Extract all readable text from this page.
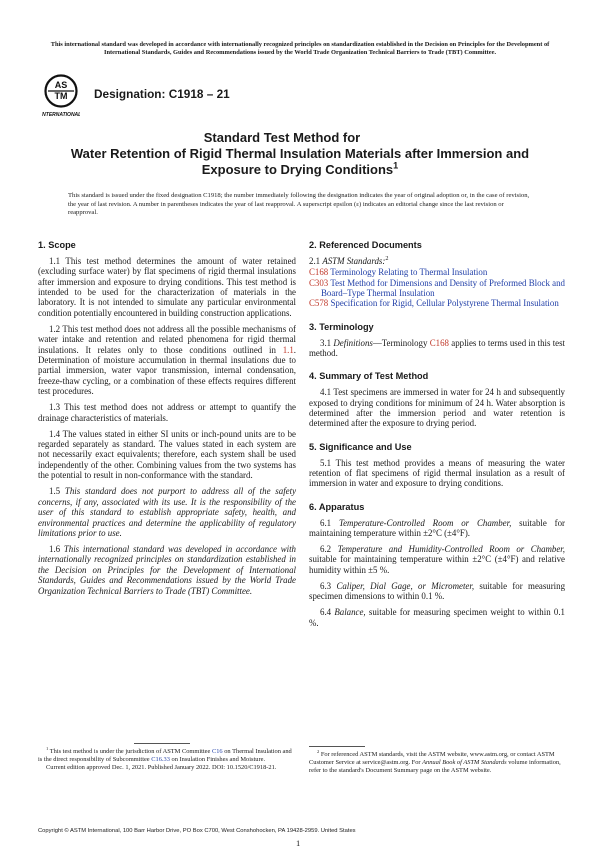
This international standard was developed in accordance with internationally recognized principles on standardization established in the Decision on Principles for the Development of International Standards, Guides and Recommendations issued by the World Trade Organization Technical Barriers to Trade (TBT) Committee.
AS
TM
INTERNATIONAL
Designation: C1918 – 21
Standard Test Method for
Water Retention of Rigid Thermal Insulation Materials after Immersion and Exposure to Drying Conditions$^1$
This standard is issued under the fixed designation C1918; the number immediately following the designation indicates the year of original adoption or, in the case of revision, the year of last revision. A number in parentheses indicates the year of last reapproval. A superscript epsilon (ε) indicates an editorial change since the last revision or reapproval.
1. Scope

1.1 This test method determines the amount of water retained (excluding surface water) by flat specimens of rigid thermal insulations after immersion and exposure to drying conditions. This test method is intended to be used for the characterization of materials in the laboratory. It is not intended to simulate any particular environmental condition potentially encountered in building construction applications.

1.2 This test method does not address all the possible mechanisms of water intake and retention and related phenomena for rigid thermal insulations. It relates only to those conditions outlined in 1.1. Determination of moisture accumulation in thermal insulations due to partial immersion, water vapor transmission, internal condensation, freeze-thaw cycling, or a combination of these effects requires different test procedures.

1.3 This test method does not address or attempt to quantify the drainage characteristics of materials.

1.4 The values stated in either SI units or inch-pound units are to be regarded separately as standard. The values stated in each system are not necessarily exact equivalents; therefore, each system shall be used independently of the other. Combining values from the two systems has the potential to result in non-conformance with the standard.

1.5 This standard does not purport to address all of the safety concerns, if any, associated with its use. It is the responsibility of the user of this standard to establish appropriate safety, health, and environmental practices and determine the applicability of regulatory limitations prior to use.

1.6 This international standard was developed in accordance with internationally recognized principles on standardization established in the Decision on Principles for the Development of International Standards, Guides and Recommendations issued by the World Trade Organization Technical Barriers to Trade (TBT) Committee.

$^1$ This test method is under the jurisdiction of ASTM Committee C16 on Thermal Insulation and is the direct responsibility of Subcommittee C16.33 on Insulation Finishes and Moisture.

Current edition approved Dec. 1, 2021. Published January 2022. DOI: 10.1520/C1918-21.

2. Referenced Documents
2.1 ASTM Standards:$^2$
C168 Terminology Relating to Thermal Insulation
C303 Test Method for Dimensions and Density of Preformed Block and Board–Type Thermal Insulation
C578 Specification for Rigid, Cellular Polystyrene Thermal Insulation
3. Terminology

3.1 Definitions—Terminology C168 applies to terms used in this test method.

4. Summary of Test Method

4.1 Test specimens are immersed in water for 24 h and subsequently exposed to drying conditions for minimum of 24 h. Water absorption is determined after the immersion period and water retention is determined after the exposure to drying period.

5. Significance and Use

5.1 This test method provides a means of measuring the water retention of flat specimens of rigid thermal insulation as a result of immersion in water and exposure to drying conditions.

6. Apparatus

6.1 Temperature-Controlled Room or Chamber, suitable for maintaining temperature within ±2°C (±4°F).

6.2 Temperature and Humidity-Controlled Room or Chamber, suitable for maintaining temperature within ±2°C (±4°F) and relative humidity within ±5 %.

6.3 Caliper, Dial Gage, or Micrometer, suitable for measuring specimen dimensions to within 0.1 %.

6.4 Balance, suitable for measuring specimen weight to within 0.1 %.

$^2$ For referenced ASTM standards, visit the ASTM website, www.astm.org, or contact ASTM Customer Service at service@astm.org. For Annual Book of ASTM Standards volume information, refer to the standard's Document Summary page on the ASTM website.

Copyright © ASTM International, 100 Barr Harbor Drive, PO Box C700, West Conshohocken, PA 19428-2959. United States
1
